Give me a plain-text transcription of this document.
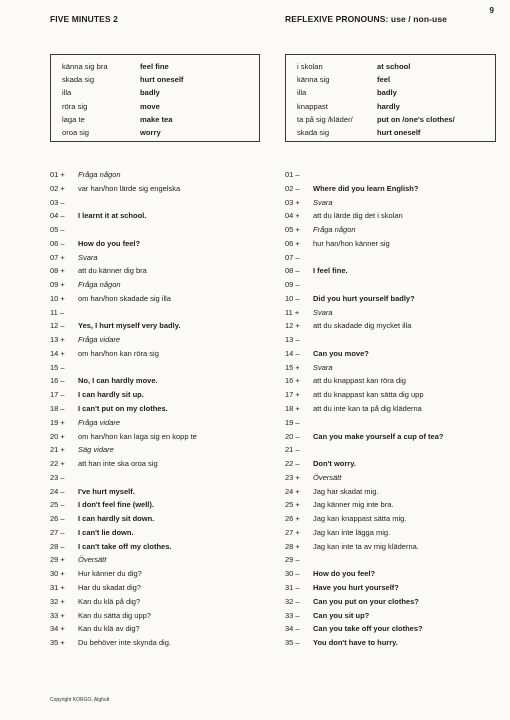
FIVE MINUTES 2	REFLEXIVE PRONOUNS: use / non-use
9
känna sig bra	feel fine
skada sig	hurt oneself
illa	badly
röra sig	move
laga te	make tea
oroa sig	worry
i skolan	at school
känna sig	feel
illa	badly
knappast	hardly
ta på sig /kläder/	put on /one's clothes/
skada sig	hurt oneself
01 +	Fråga någon
02 +	var han/hon lärde sig engelska
03 –
04 –	I learnt it at school.
05 –
06 –	How do you feel?
07 +	Svara
08 +	att du känner dig bra
09 +	Fråga någon
10 +	om han/hon skadade sig illa
11 –
12 –	Yes, I hurt myself very badly.
13 +	Fråga vidare
14 +	om han/hon kan röra sig
15 –
16 –	No, I can hardly move.
17 –	I can hardly sit up.
18 –	I can't put on my clothes.
19 +	Fråga vidare
20 +	om han/hon kan laga sig en kopp te
21 +	Säg vidare
22 +	att han inte ska oroa sig
23 –
24 –	I've hurt myself.
25 –	I don't feel fine (well).
26 –	I can hardly sit down.
27 –	I can't lie down.
28 –	I can't take off my clothes.
29 +	Översätt
30 +	Hur känner du dig?
31 +	Har du skadat dig?
32 +	Kan du klä på dig?
33 +	Kan du sätta dig upp?
34 +	Kan du klä av dig?
35 +	Du behöver inte skynda dig.
01 –
02 –	Where did you learn English?
03 +	Svara
04 +	att du lärde dig det i skolan
05 +	Fråga någon
06 +	hur han/hon känner sig
07 –
08 –	I feel fine.
09 –
10 –	Did you hurt yourself badly?
11 +	Svara
12 +	att du skadade dig mycket illa
13 –
14 –	Can you move?
15 +	Svara
16 +	att du knappast kan röra dig
17 +	att du knappast kan sätta dig upp
18 +	att du inte kan ta på dig kläderna
19 –
20 –	Can you make yourself a cup of tea?
21 –
22 –	Don't worry.
23 +	Översätt
24 +	Jag har skadat mig.
25 +	Jag känner mig inte bra.
26 +	Jag kan knappast sätta mig.
27 +	Jag kan inte lägga mig.
28 +	Jag kan inte ta av mig kläderna.
29 –
30 –	How do you feel?
31 –	Have you hurt yourself?
32 –	Can you put on your clothes?
33 –	Can you sit up?
34 –	Can you take off your clothes?
35 –	You don't have to hurry.
Copyright KORGO, Alghult
